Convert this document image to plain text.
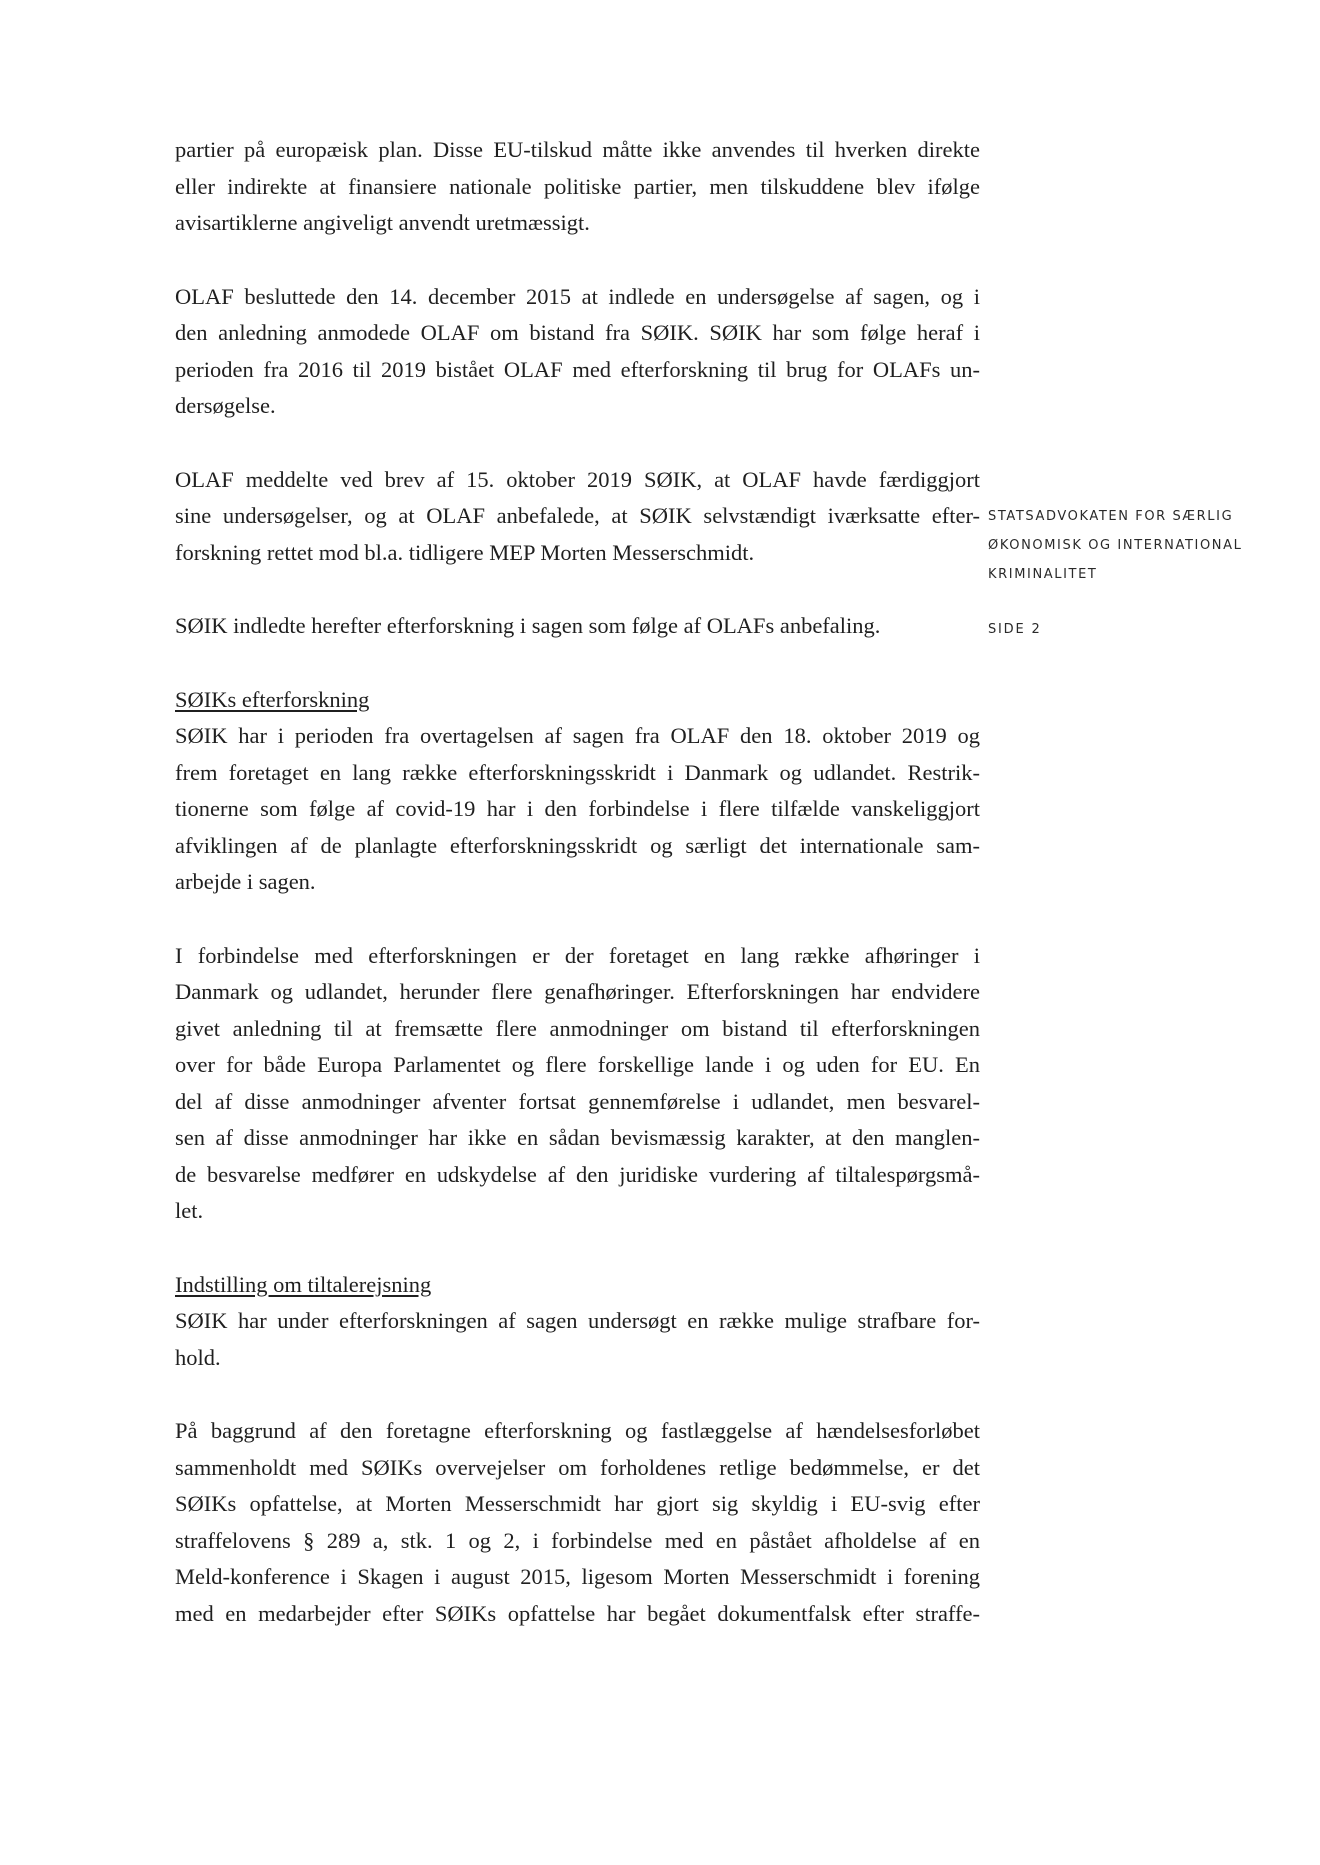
partier på europæisk plan. Disse EU-tilskud måtte ikke anvendes til hverken direkte
eller indirekte at finansiere nationale politiske partier, men tilskuddene blev ifølge
avisartiklerne angiveligt anvendt uretmæssigt.

OLAF besluttede den 14. december 2015 at indlede en undersøgelse af sagen, og i
den anledning anmodede OLAF om bistand fra SØIK. SØIK har som følge heraf i
perioden fra 2016 til 2019 bistået OLAF med efterforskning til brug for OLAFs un-
dersøgelse.

OLAF meddelte ved brev af 15. oktober 2019 SØIK, at OLAF havde færdiggjort
sine undersøgelser, og at OLAF anbefalede, at SØIK selvstændigt iværksatte efter-
forskning rettet mod bl.a. tidligere MEP Morten Messerschmidt.

SØIK indledte herefter efterforskning i sagen som følge af OLAFs anbefaling.

SØIKs efterforskning

SØIK har i perioden fra overtagelsen af sagen fra OLAF den 18. oktober 2019 og
frem foretaget en lang række efterforskningsskridt i Danmark og udlandet. Restrik-
tionerne som følge af covid-19 har i den forbindelse i flere tilfælde vanskeliggjort
afviklingen af de planlagte efterforskningsskridt og særligt det internationale sam-
arbejde i sagen.

I forbindelse med efterforskningen er der foretaget en lang række afhøringer i
Danmark og udlandet, herunder flere genafhøringer. Efterforskningen har endvidere
givet anledning til at fremsætte flere anmodninger om bistand til efterforskningen
over for både Europa Parlamentet og flere forskellige lande i og uden for EU. En
del af disse anmodninger afventer fortsat gennemførelse i udlandet, men besvarel-
sen af disse anmodninger har ikke en sådan bevismæssig karakter, at den manglen-
de besvarelse medfører en udskydelse af den juridiske vurdering af tiltalespørgsmå-
let.

Indstilling om tiltalerejsning

SØIK har under efterforskningen af sagen undersøgt en række mulige strafbare for-
hold.

På baggrund af den foretagne efterforskning og fastlæggelse af hændelsesforløbet
sammenholdt med SØIKs overvejelser om forholdenes retlige bedømmelse, er det
SØIKs opfattelse, at Morten Messerschmidt har gjort sig skyldig i EU-svig efter
straffelovens § 289 a, stk. 1 og 2, i forbindelse med en påstået afholdelse af en
Meld-konference i Skagen i august 2015, ligesom Morten Messerschmidt i forening
med en medarbejder efter SØIKs opfattelse har begået dokumentfalsk efter straffe-

STATSADVOKATEN FOR SÆRLIG
ØKONOMISK OG INTERNATIONAL
KRIMINALITET
SIDE 2
